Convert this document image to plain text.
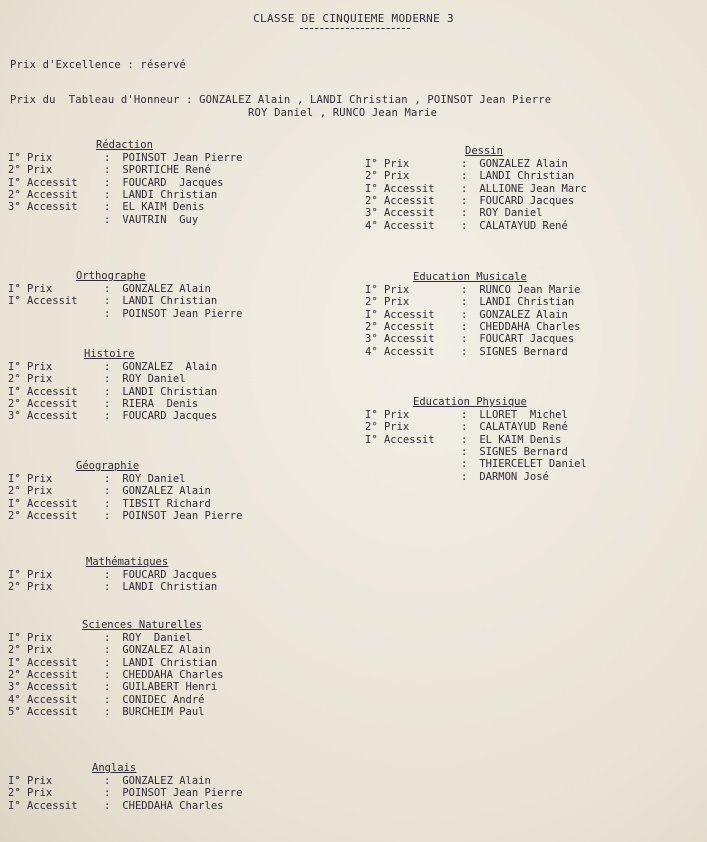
CLASSE DE CINQUIEME MODERNE 3
Prix d'Excellence : réservé
Prix du  Tableau d'Honneur : GONZALEZ Alain , LANDI Christian , POINSOT Jean Pierre
ROY Daniel , RUNCO Jean Marie
Rédaction
I° Prix	: POINSOT Jean Pierre
2° Prix	: SPORTICHE René
I° Accessit	: FOUCARD  Jacques
2° Accessit	: LANDI Christian
3° Accessit	: EL KAIM Denis
: VAUTRIN  Guy
Orthographe
I° Prix	: GONZALEZ Alain
I° Accessit	: LANDI Christian
: POINSOT Jean Pierre
Histoire
I° Prix	: GONZALEZ  Alain
2° Prix	: ROY Daniel
I° Accessit	: LANDI Christian
2° Accessit	: RIERA  Denis
3° Accessit	: FOUCARD Jacques
Géographie
I° Prix	: ROY Daniel
2° Prix	: GONZALEZ Alain
I° Accessit	: TIBSIT Richard
2° Accessit	: POINSOT Jean Pierre
Mathématiques
I° Prix	: FOUCARD Jacques
2° Prix	: LANDI Christian
Sciences Naturelles
I° Prix	: ROY  Daniel
2° Prix	: GONZALEZ Alain
I° Accessit	: LANDI Christian
2° Accessit	: CHEDDAHA Charles
3° Accessit	: GUILABERT Henri
4° Accessit	: CONIDEC André
5° Accessit	: BURCHEIM Paul
Anglais
I° Prix	: GONZALEZ Alain
2° Prix	: POINSOT Jean Pierre
I° Accessit	: CHEDDAHA Charles
Dessin
I° Prix	: GONZALEZ Alain
2° Prix	: LANDI Christian
I° Accessit	: ALLIONE Jean Marc
2° Accessit	: FOUCARD Jacques
3° Accessit	: ROY Daniel
4° Accessit	: CALATAYUD René
Education Musicale
I° Prix	: RUNCO Jean Marie
2° Prix	: LANDI Christian
I° Accessit	: GONZALEZ Alain
2° Accessit	: CHEDDAHA Charles
3° Accessit	: FOUCART Jacques
4° Accessit	: SIGNES Bernard
Education Physique
I° Prix	: LLORET  Michel
2° Prix	: CALATAYUD René
I° Accessit	: EL KAIM Denis
: SIGNES Bernard
: THIERCELET Daniel
: DARMON José
